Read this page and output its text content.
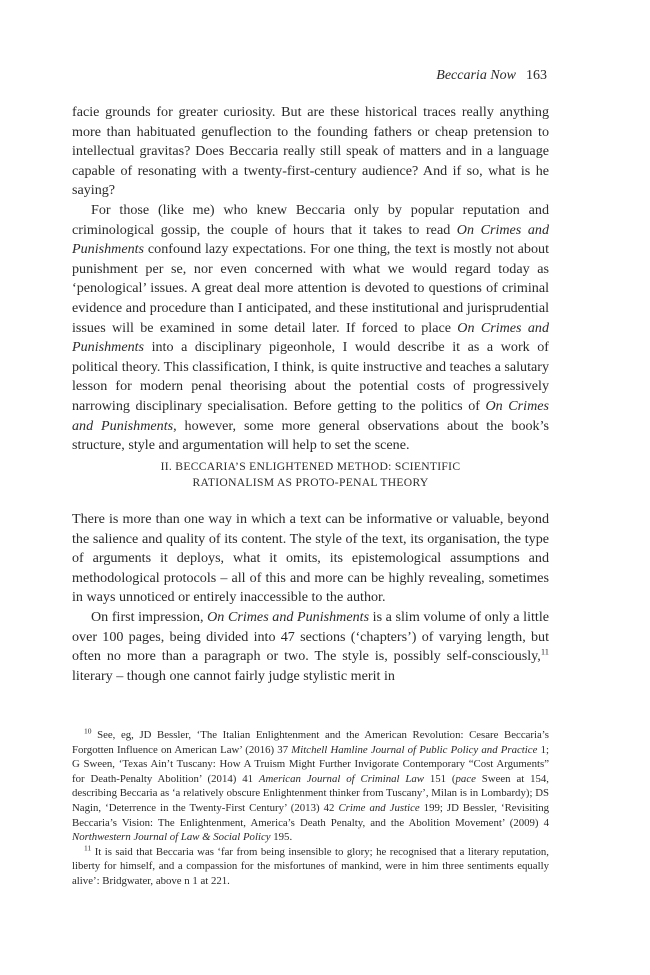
Beccaria Now 163

facie grounds for greater curiosity. But are these historical traces really anything more than habituated genuflection to the founding fathers or cheap pretension to intellectual gravitas? Does Beccaria really still speak of matters and in a language capable of resonating with a twenty-first-century audience? And if so, what is he saying?

For those (like me) who knew Beccaria only by popular reputation and criminological gossip, the couple of hours that it takes to read On Crimes and Punishments confound lazy expectations. For one thing, the text is mostly not about punishment per se, nor even concerned with what we would regard today as ‘penological’ issues. A great deal more attention is devoted to questions of criminal evidence and procedure than I anticipated, and these institutional and jurisprudential issues will be examined in some detail later. If forced to place On Crimes and Punishments into a disciplinary pigeonhole, I would describe it as a work of political theory. This classification, I think, is quite instructive and teaches a salutary lesson for modern penal theorising about the potential costs of progressively narrowing disciplinary specialisation. Before getting to the politics of On Crimes and Punishments, however, some more general observations about the book’s structure, style and argumentation will help to set the scene.

II. BECCARIA’S ENLIGHTENED METHOD: SCIENTIFIC
RATIONALISM AS PROTO-PENAL THEORY

There is more than one way in which a text can be informative or valuable, beyond the salience and quality of its content. The style of the text, its organisation, the type of arguments it deploys, what it omits, its epistemological assumptions and methodological protocols – all of this and more can be highly revealing, sometimes in ways unnoticed or entirely inaccessible to the author.

On first impression, On Crimes and Punishments is a slim volume of only a little over 100 pages, being divided into 47 sections (‘chapters’) of varying length, but often no more than a paragraph or two. The style is, possibly self-consciously,$^{11}$ literary – though one cannot fairly judge stylistic merit in

$^{10}$ See, eg, JD Bessler, ‘The Italian Enlightenment and the American Revolution: Cesare Beccaria’s Forgotten Influence on American Law’ (2016) 37 Mitchell Hamline Journal of Public Policy and Practice 1; G Sween, ‘Texas Ain’t Tuscany: How A Truism Might Further Invigorate Contemporary “Cost Arguments” for Death-Penalty Abolition’ (2014) 41 American Journal of Criminal Law 151 (pace Sween at 154, describing Beccaria as ‘a relatively obscure Enlightenment thinker from Tuscany’, Milan is in Lombardy); DS Nagin, ‘Deterrence in the Twenty-First Century’ (2013) 42 Crime and Justice 199; JD Bessler, ‘Revisiting Beccaria’s Vision: The Enlightenment, America’s Death Penalty, and the Abolition Movement’ (2009) 4 Northwestern Journal of Law & Social Policy 195.

$^{11}$ It is said that Beccaria was ‘far from being insensible to glory; he recognised that a literary reputation, liberty for himself, and a compassion for the misfortunes of mankind, were in him three sentiments equally alive’: Bridgwater, above n 1 at 221.
